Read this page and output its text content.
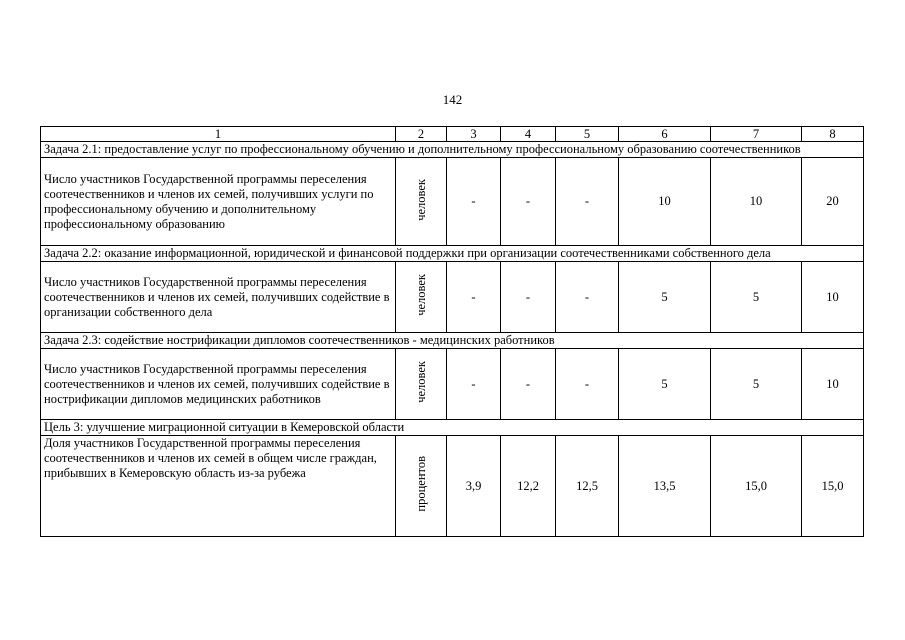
142
1	2	3	4	5	6	7	8
Задача 2.1: предоставление услуг по профессиональному обучению и дополнительному профессиональному образованию соотечественников							
Число участников Государственной программы переселения соотечественников и членов их семей, получивших услуги по профессиональному обучению и дополнительному профессиональному образованию	человек	-	-	-	10	10	20
Задача 2.2: оказание информационной, юридической и финансовой поддержки при организации соотечественниками собственного дела							
Число участников Государственной программы переселения соотечественников и членов их семей, получивших содействие в организации собственного дела	человек	-	-	-	5	5	10
Задача 2.3: содействие нострификации дипломов соотечественников - медицинских работников							
Число участников Государственной программы переселения соотечественников и членов их семей, получивших содействие в нострификации дипломов медицинских работников	человек	-	-	-	5	5	10
Цель 3: улучшение миграционной ситуации в Кемеровской области							
Доля участников Государственной программы переселения соотечественников и членов их семей в общем числе граждан, прибывших в Кемеровскую область из-за рубежа	процентов	3,9	12,2	12,5	13,5	15,0	15,0
